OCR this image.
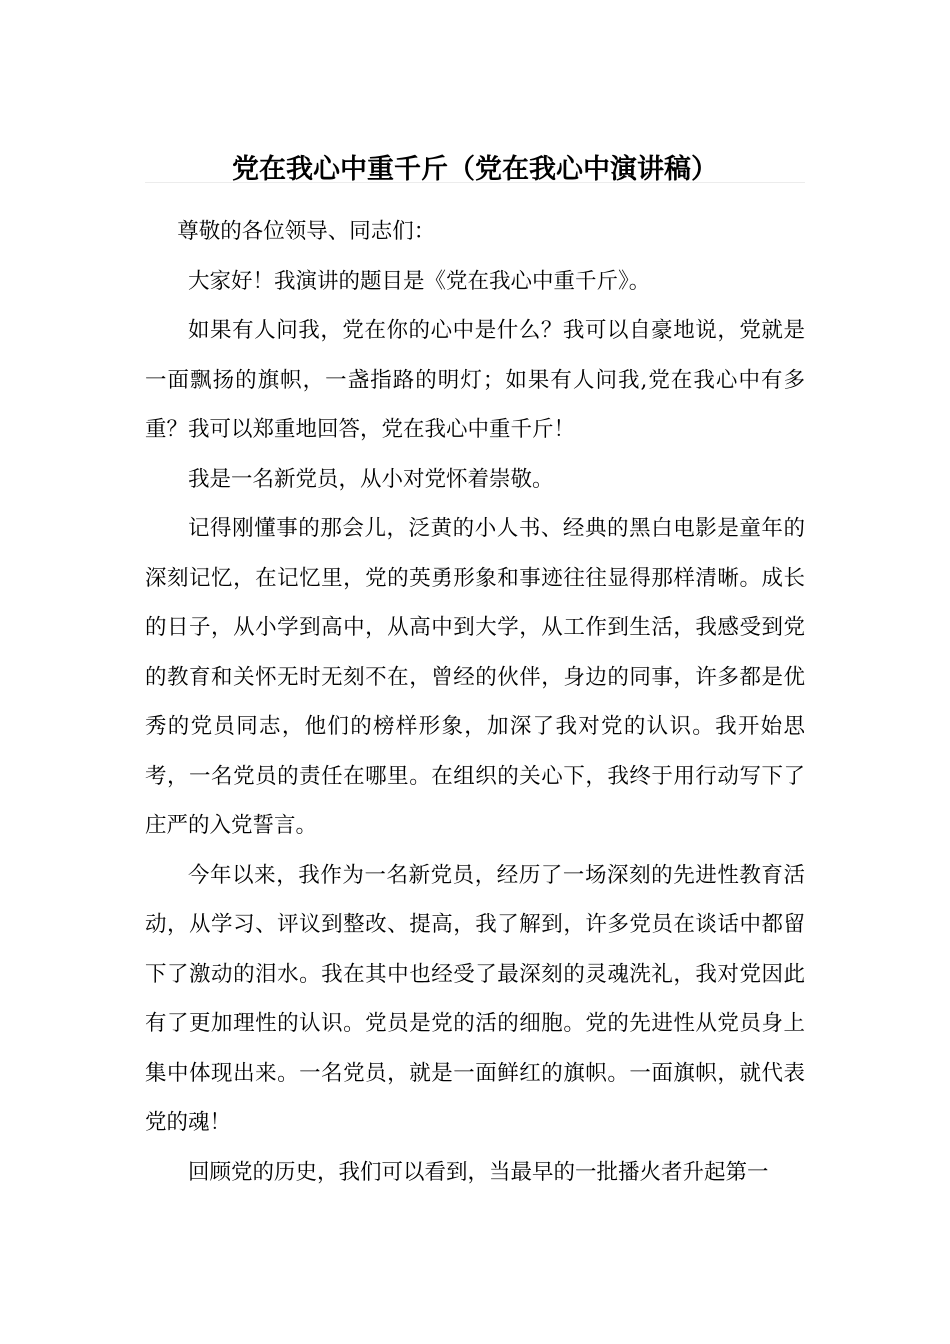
党在我心中重千斤（党在我心中演讲稿）

尊敬的各位领导、同志们：

大家好！我演讲的题目是《党在我心中重千斤》。

如果有人问我，党在你的心中是什么？我可以自豪地说，党就是一面飘扬的旗帜，一盏指路的明灯；如果有人问我,党在我心中有多重？我可以郑重地回答，党在我心中重千斤！

我是一名新党员，从小对党怀着崇敬。

记得刚懂事的那会儿，泛黄的小人书、经典的黑白电影是童年的深刻记忆，在记忆里，党的英勇形象和事迹往往显得那样清晰。成长的日子，从小学到高中，从高中到大学，从工作到生活，我感受到党的教育和关怀无时无刻不在，曾经的伙伴，身边的同事，许多都是优秀的党员同志，他们的榜样形象，加深了我对党的认识。我开始思考，一名党员的责任在哪里。在组织的关心下，我终于用行动写下了庄严的入党誓言。

今年以来，我作为一名新党员，经历了一场深刻的先进性教育活动，从学习、评议到整改、提高，我了解到，许多党员在谈话中都留下了激动的泪水。我在其中也经受了最深刻的灵魂洗礼，我对党因此有了更加理性的认识。党员是党的活的细胞。党的先进性从党员身上集中体现出来。一名党员，就是一面鲜红的旗帜。一面旗帜，就代表党的魂！

回顾党的历史，我们可以看到，当最早的一批播火者升起第一
